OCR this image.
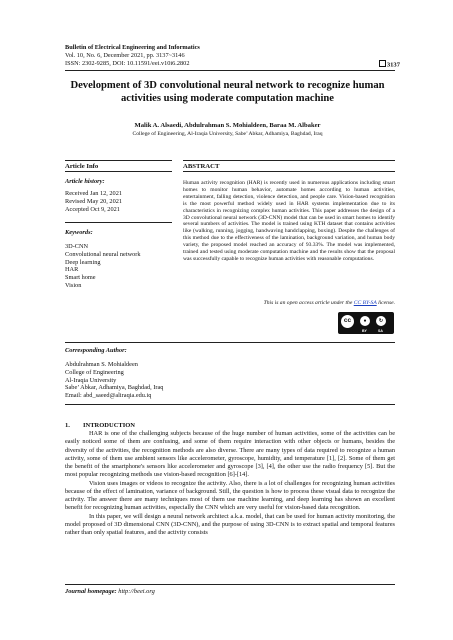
Bulletin of Electrical Engineering and Informatics
Vol. 10, No. 6, December 2021, pp. 3137~3146
ISSN: 2302-9285, DOI: 10.11591/eei.v10i6.2802	3137
Development of 3D convolutional neural network to recognize human activities using moderate computation machine
Malik A. Alsaedi, Abdulrahman S. Mohialdeen, Baraa M. Albaker
College of Engineering, Al-Iraqia University, Sabe’ Abkar, Adhamiya, Baghdad, Iraq
Article Info
Article history:
Received Jan 12, 2021
Revised May 20, 2021
Accepted Oct 9, 2021
Keywords:
3D-CNN
Convolutional neural network
Deep learning
HAR
Smart home
Vision
ABSTRACT
Human activity recognition (HAR) is recently used in numerous applications including smart homes to monitor human behavior, automate homes according to human activities, entertainment, falling detection, violence detection, and people care. Vision-based recognition is the most powerful method widely used in HAR systems implementation due to its characteristics in recognizing complex human activities. This paper addresses the design of a 3D convolutional neural network (3D-CNN) model that can be used in smart homes to identify several numbers of activities. The model is trained using KTH dataset that contains activities like (walking, running, jogging, handwaving handclapping, boxing). Despite the challenges of this method due to the effectiveness of the lamination, background variation, and human body variety, the proposed model reached an accuracy of 93.33%. The model was implemented, trained and tested using moderate computation machine and the results show that the proposal was successfully capable to recognize human activities with reasonable computations.
This is an open access article under the CC BY-SA license.
cc	●	↻
BY	SA
Corresponding Author:
Abdulrahman S. Mohialdeen
College of Engineering
Al-Iraqia University
Sabe’ Abkar, Adhamiya, Baghdad, Iraq
Email: abd_saeed@aliraqia.edu.iq
1. INTRODUCTION

HAR is one of the challenging subjects because of the huge number of human activities, some of the activities can be easily noticed some of them are confusing, and some of them require interaction with other objects or humans, besides the diversity of the activities, the recognition methods are also diverse. There are many types of data required to recognize a human activity, some of them use ambient sensors like accelerometer, gyroscope, humidity, and temperature [1], [2]. Some of them get the benefit of the smartphone's sensors like accelerometer and gyroscope [3], [4], the other use the radio frequency [5]. But the most popular recognizing methods use vision-based recognition [6]-[14].

Vision uses images or videos to recognize the activity. Also, there is a lot of challenges for recognizing human activities because of the effect of lamination, variance of background. Still, the question is how to process these visual data to recognize the activity. The answer there are many techniques most of them use machine learning, and deep learning has shown an excellent benefit for recognizing human activities, especially the CNN which are very useful for vision-based data recognition.

In this paper, we will design a neural network architect a.k.a. model, that can be used for human activity monitoring, the model proposed of 3D dimensional CNN (3D-CNN), and the purpose of using 3D-CNN is to extract spatial and temporal features rather than only spatial features, and the activity consists

Journal homepage: http://beei.org
